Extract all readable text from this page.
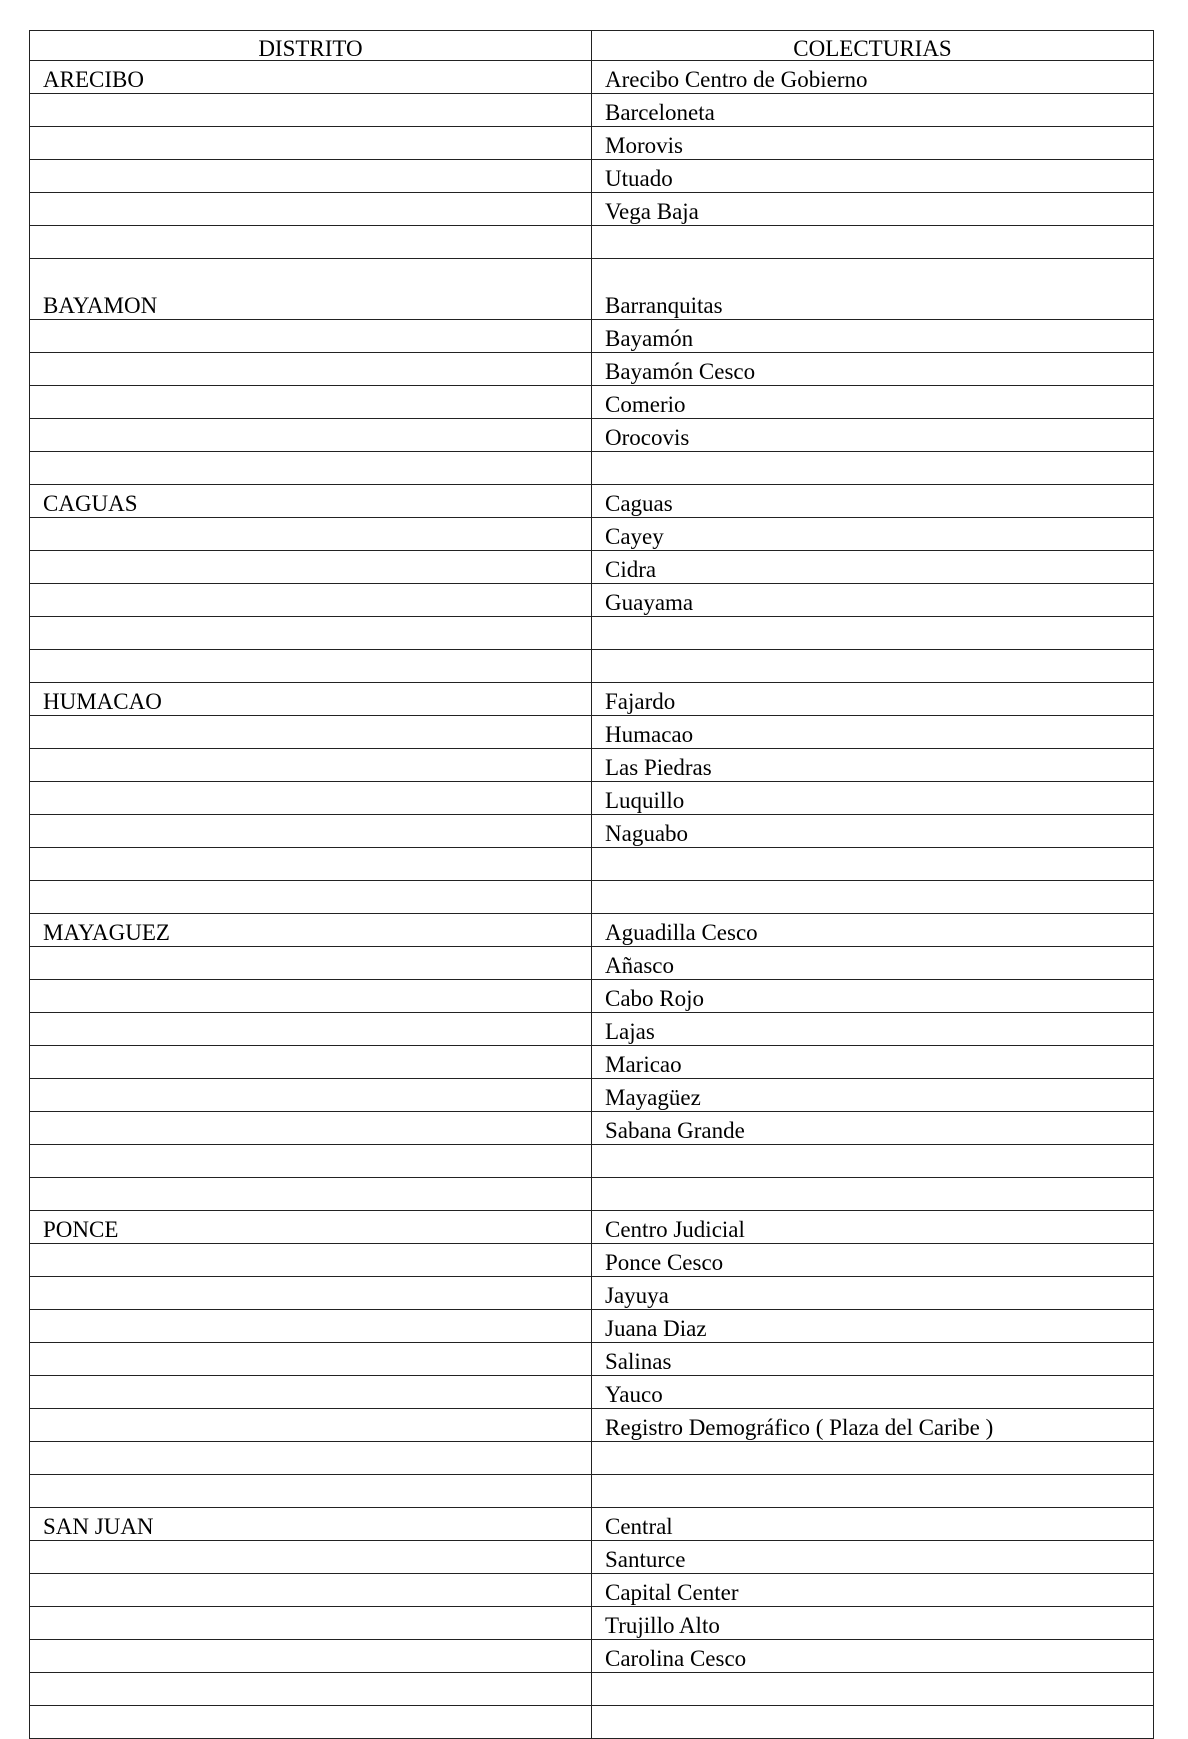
DISTRITO	COLECTURIAS
ARECIBO	Arecibo Centro de Gobierno
	Barceloneta
	Morovis
	Utuado
	Vega Baja

BAYAMON	Barranquitas
	Bayamón
	Bayamón Cesco
	Comerio
	Orocovis

CAGUAS	Caguas
	Cayey
	Cidra
	Guayama

HUMACAO	Fajardo
	Humacao
	Las Piedras
	Luquillo
	Naguabo

MAYAGUEZ	Aguadilla Cesco
	Añasco
	Cabo Rojo
	Lajas
	Maricao
	Mayagüez
	Sabana Grande

PONCE	Centro Judicial
	Ponce Cesco
	Jayuya
	Juana Diaz
	Salinas
	Yauco
	Registro Demográfico ( Plaza del Caribe )

SAN JUAN	Central
	Santurce
	Capital Center
	Trujillo Alto
	Carolina Cesco
